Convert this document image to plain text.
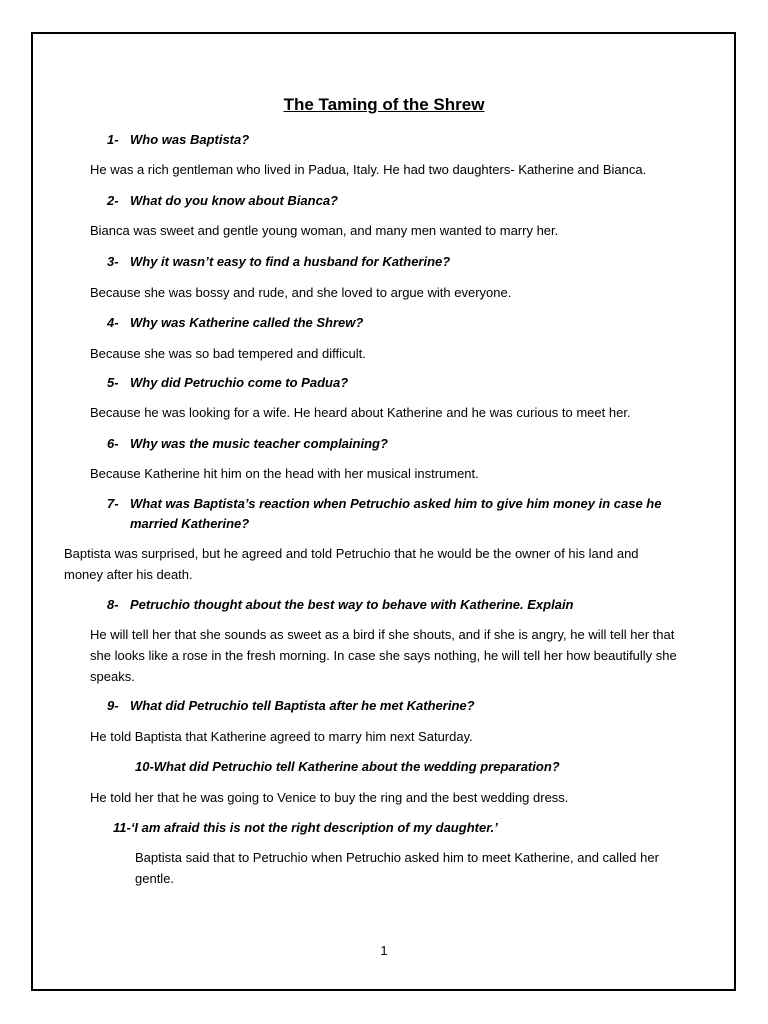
The Taming of the Shrew
1- Who was Baptista?
He was a rich gentleman who lived in Padua, Italy. He had two daughters- Katherine and Bianca.
2- What do you know about Bianca?
Bianca was sweet and gentle young woman, and many men wanted to marry her.
3- Why it wasn’t easy to find a husband for Katherine?
Because she was bossy and rude, and she loved to argue with everyone.
4- Why was Katherine called the Shrew?
Because she was so bad tempered and difficult.
5- Why did Petruchio come to Padua?
Because he was looking for a wife. He heard about Katherine and he was curious to meet her.
6- Why was the music teacher complaining?
Because Katherine hit him on the head with her musical instrument.
7- What was Baptista’s reaction when Petruchio asked him to give him money in case he married Katherine?
Baptista was surprised, but he agreed and told Petruchio that he would be the owner of his land and money after his death.
8- Petruchio thought about the best way to behave with Katherine. Explain
He will tell her that she sounds as sweet as a bird if she shouts, and if she is angry, he will tell her that she looks like a rose in the fresh morning. In case she says nothing, he will tell her how beautifully she speaks.
9- What did Petruchio tell Baptista after he met Katherine?
He told Baptista that Katherine agreed to marry him next Saturday.
10-What did Petruchio tell Katherine about the wedding preparation?
He told her that he was going to Venice to buy the ring and the best wedding dress.
11-‘I am afraid this is not the right description of my daughter.’
Baptista said that to Petruchio when Petruchio asked him to meet Katherine, and called her gentle.
1
